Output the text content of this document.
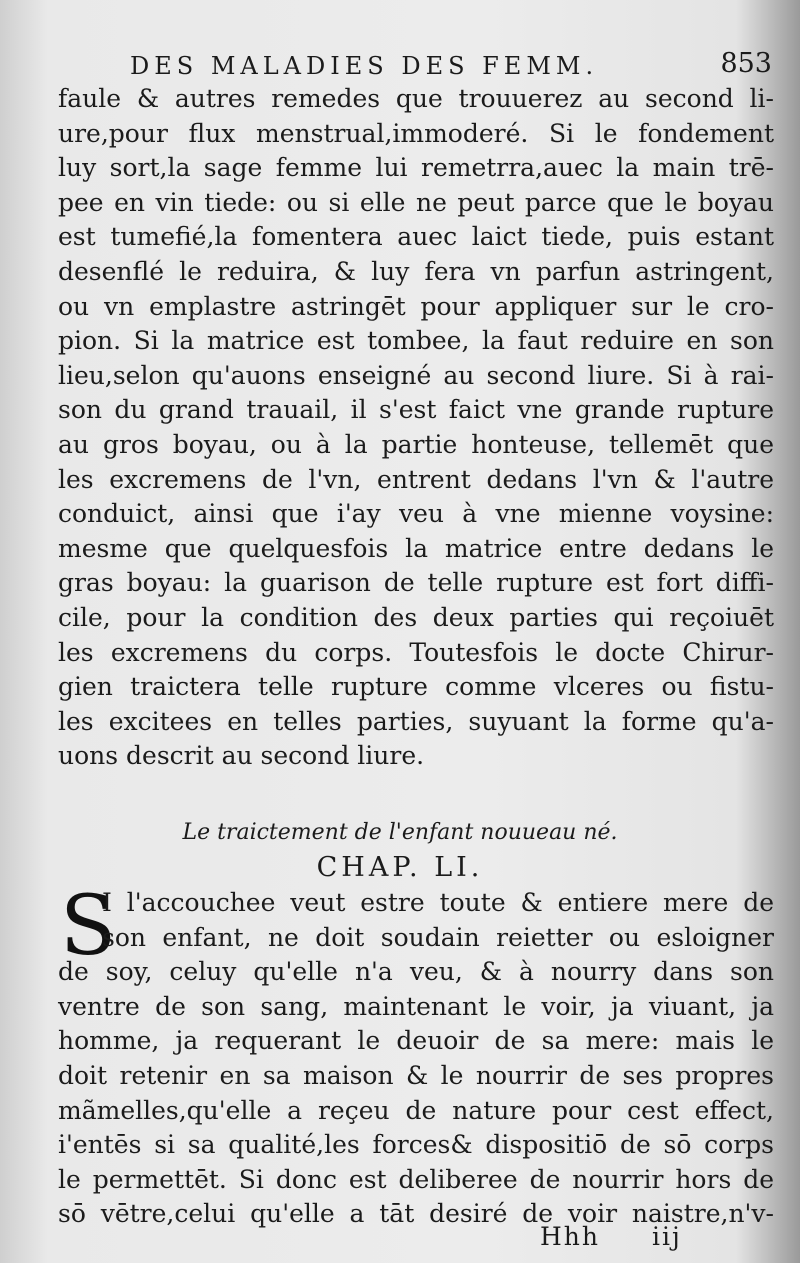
DES MALADIES DES FEMM.	853
faule & autres remedes que trouuerez au second li-
ure,pour flux menstrual,immoderé. Si le fondement
luy sort,la sage femme lui remetrra,auec la main trē-
pee en vin tiede: ou si elle ne peut parce que le boyau
est tumefié,la fomentera auec laict tiede, puis estant
desenflé le reduira, & luy fera vn parfun astringent,
ou vn emplastre astringēt pour appliquer sur le cro-
pion. Si la matrice est tombee, la faut reduire en son
lieu,selon qu'auons enseigné au second liure. Si à rai-
son du grand trauail, il s'est faict vne grande rupture
au gros boyau, ou à la partie honteuse, tellemēt que
les excremens de l'vn, entrent dedans l'vn & l'autre
conduict, ainsi que i'ay veu à vne mienne voysine:
mesme que quelquesfois la matrice entre dedans le
gras boyau: la guarison de telle rupture est fort diffi-
cile, pour la condition des deux parties qui reçoiuēt
les excremens du corps. Toutesfois le docte Chirur-
gien traictera telle rupture comme vlceres ou fistu-
les excitees en telles parties, suyuant la forme qu'a-
uons descrit au second liure.
Le traictement de l'enfant nouueau né.
CHAP. LI.
S
I l'accouchee veut estre toute & entiere mere de
son enfant, ne doit soudain reietter ou esloigner
de soy, celuy qu'elle n'a veu, & à nourry dans son
ventre de son sang, maintenant le voir, ja viuant, ja
homme, ja requerant le deuoir de sa mere: mais le
doit retenir en sa maison & le nourrir de ses propres
mãmelles,qu'elle a reçeu de nature pour cest effect,
i'entēs si sa qualité,les forces& dispositiō de sō corps
le permettēt. Si donc est deliberee de nourrir hors de
sō vētre,celui qu'elle a tāt desiré de voir naistre,n'v-
Hhh iij
